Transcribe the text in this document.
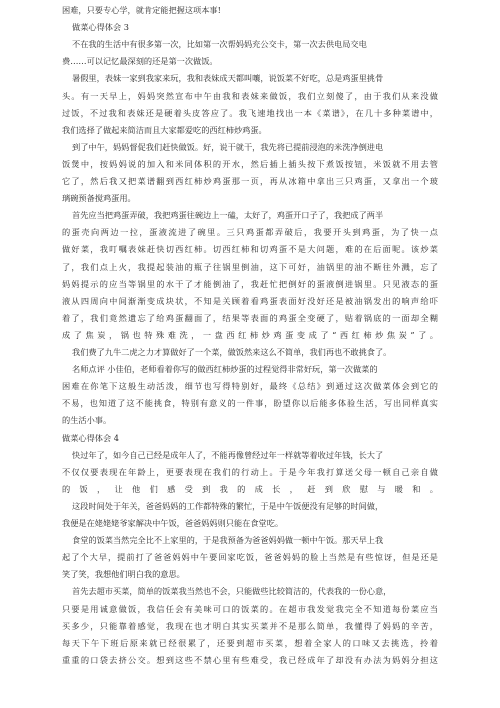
困难，只要专心学，就肯定能把握这项本事!
做菜心得体会 3
不在我的生活中有很多第一次，比如第一次帮妈妈充公交卡，第一次去供电局交电
费……可以记忆最深刻的还是第一次做饭。
暑假里，表妹一家到我家来玩，我和表妹成天都叫嚷，说饭菜不好吃，总是鸡蛋里挑骨
头。有一天早上，妈妈突然宣布中午由我和表妹来做饭，我们立刻傻了，由于我们从来没做
过饭，不过我和表妹还是硬着头皮答应了。我飞速地找出一本《菜谱》，在几十多种菜谱中，
我们选择了做起来简洁而且大家都爱吃的西红柿炒鸡蛋。
到了中午，妈妈督促我们赶快做饭。好，说干就干，我先将已提前浸泡的米洗净倒进电
饭煲中，按妈妈说的加入和米同体积的开水，然后插上插头按下煮饭按钮，米饭就不用去管
它了，然后我又把菜谱翻到西红柿炒鸡蛋那一页，再从冰箱中拿出三只鸡蛋，又拿出一个玻
璃碗预备搅鸡蛋用。
首先应当把鸡蛋弄破，我把鸡蛋往碗边上一磕，太好了，鸡蛋开口子了，我把成了两半
的蛋壳向两边一拉，蛋液流进了碗里。三只鸡蛋都弄破后，我要开头到鸡蛋，为了快一点
做好菜，我叮嘱表妹赶快切西红柿。切西红柿和切鸡蛋不是大问题，难的在后面呢。该炒菜
了，我们点上火，我提起装油的瓶子往锅里倒油，这下可好，油锅里的油不断往外溅，忘了
妈妈提示的应当等锅里的水干了才能倒油了，我赶忙把倒好的蛋液倒进锅里。只见液态的蛋
液从四周向中间渐渐变成块状，不知是关顾着看鸡蛋表面好没好还是被油锅发出的响声给吓
着了，我们竟然遗忘了给鸡蛋翻面了，结果等表面的鸡蛋全变硬了，贴着锅底的一面却全糊
成了焦炭，锅也特殊难洗，一盘西红柿炒鸡蛋变成了“西红柿炒焦炭”了。
我们费了九牛二虎之力才算做好了一个菜，做饭然来这么不简单，我们再也不敢挑食了。
名师点评 小佳伯，老师看着你写的做西红柿炒蛋的过程觉得非常好玩，第一次做菜的
困难在你笔下这般生动活泼，细节也写得特别好，最终《总结》到通过这次做菜体会到它的
不易，也知道了这不能挑食，特别有意义的一件事，盼望你以后能多体验生活，写出同样真实
的生活小事。
做菜心得体会 4
快过年了，如今自己已经是成年人了，不能再像曾经过年一样就等着收过年钱，长大了
不仅仅要表现在年龄上，更要表现在我们的行动上。于是今年我打算送父母一顿自己亲自做
的饭，让他们感受到我的成长，赶到欣慰与暖和。
这段时间处于年关，爸爸妈妈的工作都特殊的繁忙，于是中午饭便没有足够的时间做，
我便是在姥姥姥爷家解决中午饭，爸爸妈妈则只能在食堂吃。
食堂的饭菜当然完全比不上家里的，于是我预备为爸爸妈妈做一顿中午饭。那天早上我
起了个大早，提前打了爸爸妈妈中午要回家吃饭，爸爸妈妈的脸上当然是有些惊讶，但是还是
笑了笑，我想他们明白我的意思。
首先去超市买菜，简单的饭菜我当然也不会，只能做些比较简洁的，代表我的一份心意，
只要是用诚意做饭，我信任会有美味可口的饭菜的。在超市我发觉我完全不知道每份菜应当
买多少，只能靠着感觉，我现在也才明白其实买菜并不是那么简单，我懂得了妈妈的辛苦，
每天下午下班后原来就已经很累了，还要到超市买菜，想着全家人的口味又去挑选，拎着
重重的口袋去挤公交。想到这些不禁心里有些难受，我已经成年了却没有办法为妈妈分担这
